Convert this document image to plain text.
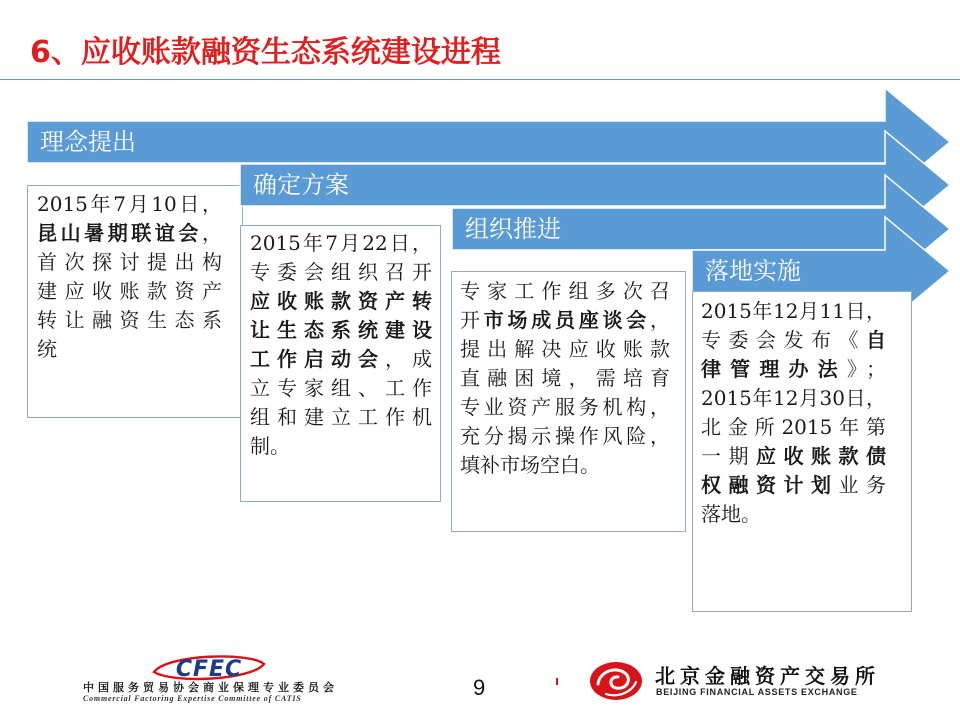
6、应收账款融资生态系统建设进程
理念提出
2015年7月10日，
昆山暑期联谊会，
首次探讨提出构
建应收账款资产
转让融资生态系
统
确定方案
2015年7月22日，
专委会组织召开
应收账款资产转
让生态系统建设
工作启动会，成
立专家组、工作
组和建立工作机
制。
组织推进
专家工作组多次召
开市场成员座谈会，
提出解决应收账款
直融困境，需培育
专业资产服务机构，
充分揭示操作风险，
填补市场空白。
落地实施
2015年12月11日，
专委会发布《自
律管理办法》；
2015年12月30日，
北金所2015年第
一期应收账款债
权融资计划业务
落地。
CFEC
中国服务贸易协会商业保理专业委员会
Commercial Factoring Expertise Committee of CATIS	9	北京金融资产交易所
BEIJING FINANCIAL ASSETS EXCHANGE
